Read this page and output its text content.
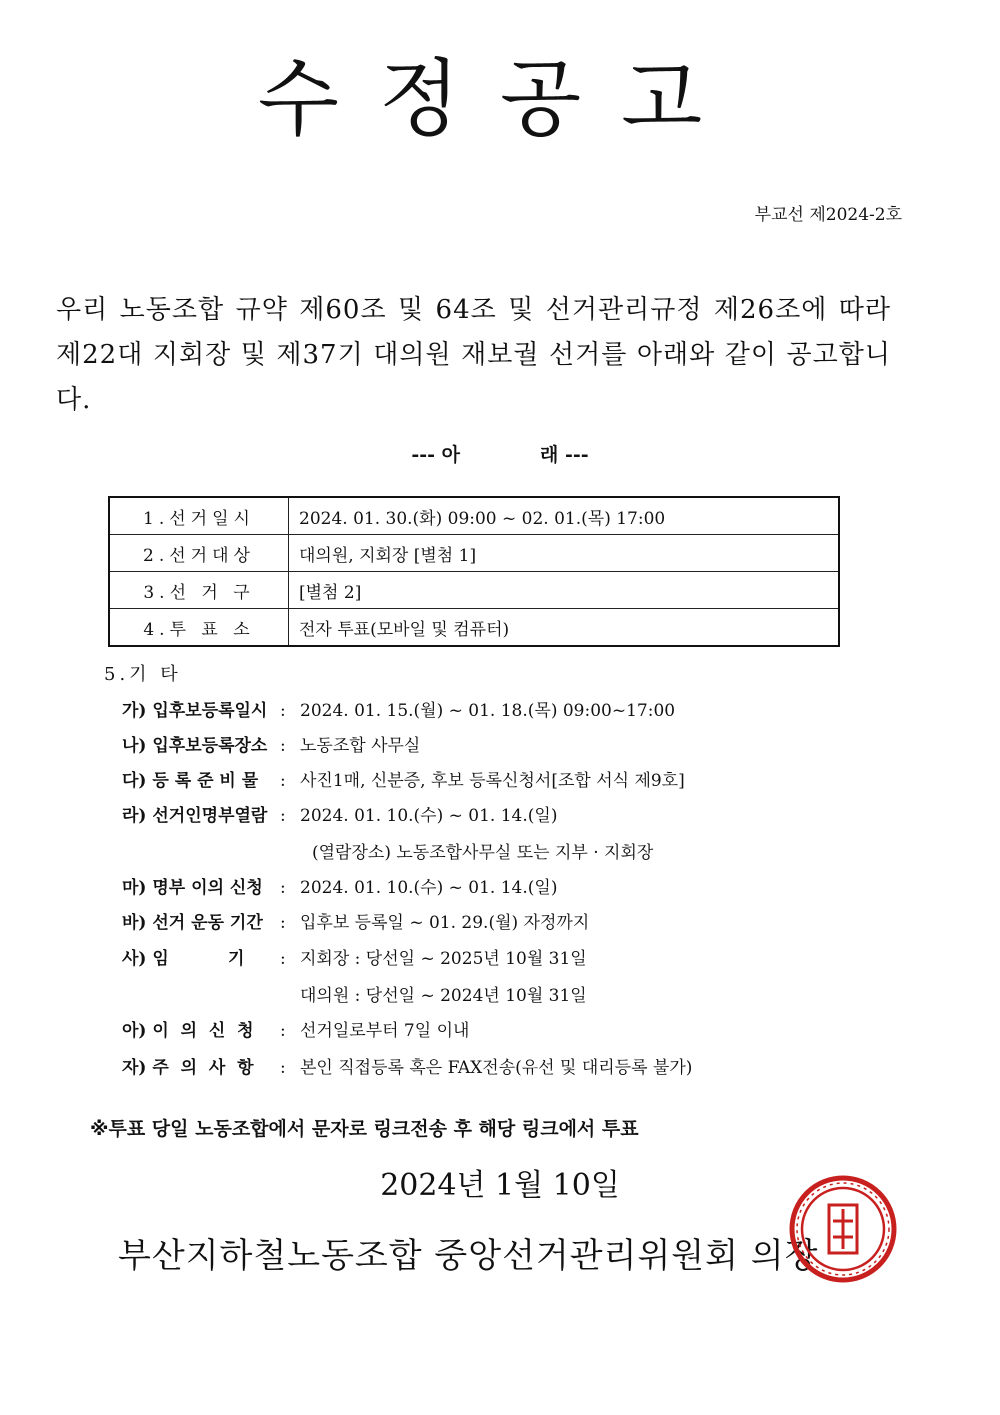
수정공고
부교선 제2024-2호
우리 노동조합 규약 제60조 및 64조 및 선거관리규정 제26조에 따라 제22대 지회장 및 제37기 대의원 재보궐 선거를 아래와 같이 공고합니다.
--- 아	래 ---
1.선거일시	2024. 01. 30.(화) 09:00 ~ 02. 01.(목) 17:00
2.선거대상	대의원, 지회장 [별첨 1]
3.선 거 구	[별첨 2]
4.투 표 소	전자 투표(모바일 및 컴퓨터)
5.기 타
가) 입후보등록일시 : 2024. 01. 15.(월) ~ 01. 18.(목) 09:00~17:00
나) 입후보등록장소 : 노동조합 사무실
다) 등 록 준 비 물 : 사진1매, 신분증, 후보 등록신청서[조합 서식 제9호]
라) 선거인명부열람 : 2024. 01. 10.(수) ~ 01. 14.(일)
(열람장소) 노동조합사무실 또는 지부 · 지회장
마) 명부 이의 신청 : 2024. 01. 10.(수) ~ 01. 14.(일)
바) 선거 운동 기간 : 입후보 등록일 ~ 01. 29.(월) 자정까지
사) 임          기 : 지회장 : 당선일 ~ 2025년 10월 31일
대의원 : 당선일 ~ 2024년 10월 31일
아) 이  의  신  청 : 선거일로부터 7일 이내
자) 주  의  사  항 : 본인 직접등록 혹은 FAX전송(유선 및 대리등록 불가)
※투표 당일 노동조합에서 문자로 링크전송 후 해당 링크에서 투표
2024년 1월 10일
부산지하철노동조합 중앙선거관리위원회 의장
